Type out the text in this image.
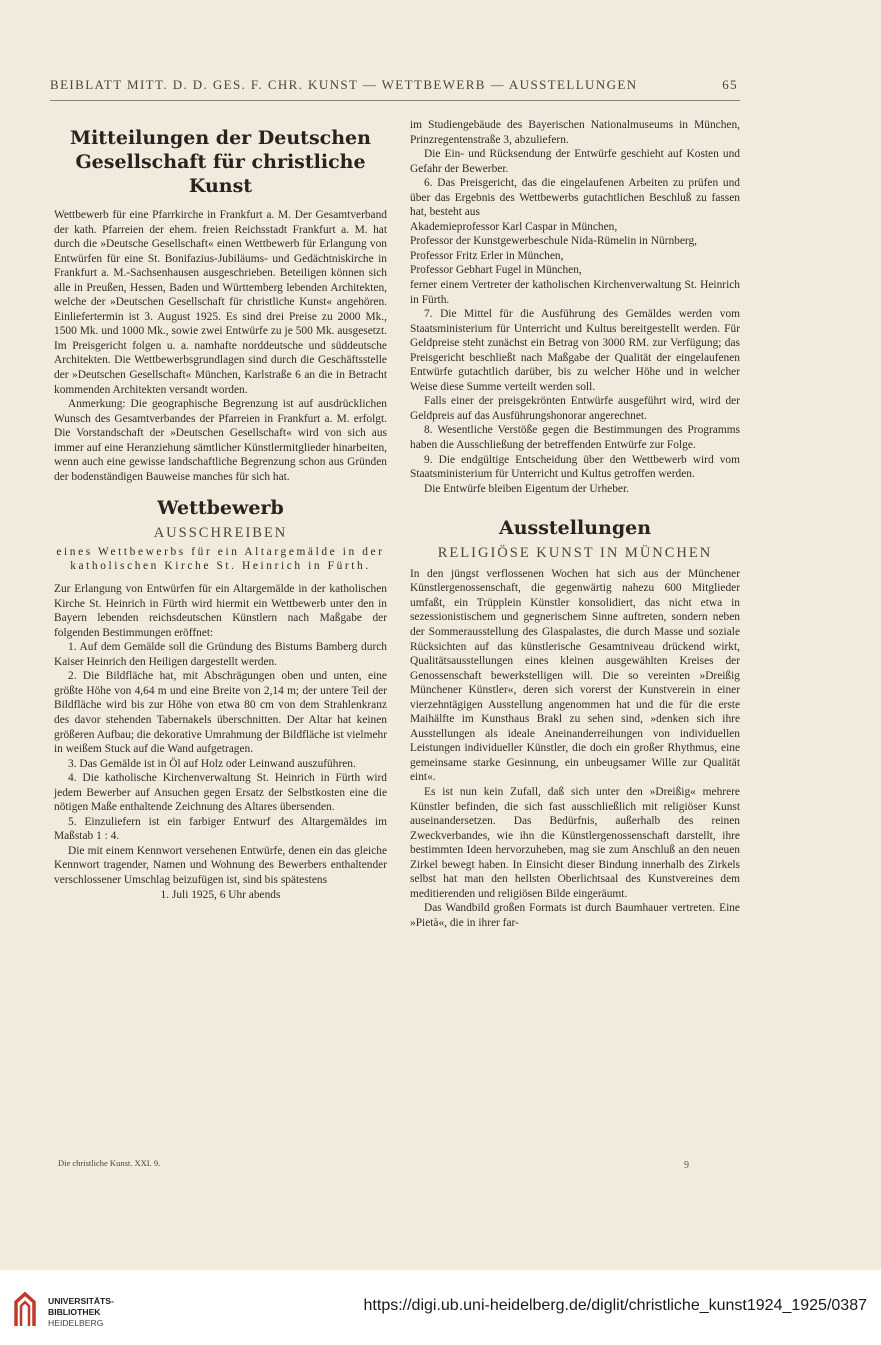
BEIBLATT MITT. D. D. GES. F. CHR. KUNST — WETTBEWERB — AUSSTELLUNGEN	65
Mitteilungen der Deutschen Gesellschaft für christliche Kunst

Wettbewerb für eine Pfarrkirche in Frankfurt a. M. Der Gesamtverband der kath. Pfarreien der ehem. freien Reichsstadt Frankfurt a. M. hat durch die »Deutsche Gesellschaft« einen Wettbewerb für Erlangung von Entwürfen für eine St. Bonifazius-Jubiläums- und Gedächtniskirche in Frankfurt a. M.-Sachsenhausen ausgeschrieben. Beteiligen können sich alle in Preußen, Hessen, Baden und Württemberg lebenden Architekten, welche der »Deutschen Gesellschaft für christliche Kunst« angehören. Einliefertermin ist 3. August 1925. Es sind drei Preise zu 2000 Mk., 1500 Mk. und 1000 Mk., sowie zwei Entwürfe zu je 500 Mk. ausgesetzt. Im Preisgericht folgen u. a. namhafte norddeutsche und süddeutsche Architekten. Die Wettbewerbsgrundlagen sind durch die Geschäftsstelle der »Deutschen Gesellschaft« München, Karlstraße 6 an die in Betracht kommenden Architekten versandt worden.

Anmerkung: Die geographische Begrenzung ist auf ausdrücklichen Wunsch des Gesamtverbandes der Pfarreien in Frankfurt a. M. erfolgt. Die Vorstandschaft der »Deutschen Gesellschaft« wird von sich aus immer auf eine Heranziehung sämtlicher Künstlermitglieder hinarbeiten, wenn auch eine gewisse landschaftliche Begrenzung schon aus Gründen der bodenständigen Bauweise manches für sich hat.

Wettbewerb
AUSSCHREIBEN

eines Wettbewerbs für ein Altargemälde in der katholischen Kirche St. Heinrich in Fürth.

Zur Erlangung von Entwürfen für ein Altargemälde in der katholischen Kirche St. Heinrich in Fürth wird hiermit ein Wettbewerb unter den in Bayern lebenden reichsdeutschen Künstlern nach Maßgabe der folgenden Bestimmungen eröffnet:

1. Auf dem Gemälde soll die Gründung des Bistums Bamberg durch Kaiser Heinrich den Heiligen dargestellt werden.

2. Die Bildfläche hat, mit Abschrägungen oben und unten, eine größte Höhe von 4,64 m und eine Breite von 2,14 m; der untere Teil der Bildfläche wird bis zur Höhe von etwa 80 cm von dem Strahlenkranz des davor stehenden Tabernakels überschnitten. Der Altar hat keinen größeren Aufbau; die dekorative Umrahmung der Bildfläche ist vielmehr in weißem Stuck auf die Wand aufgetragen.

3. Das Gemälde ist in Öl auf Holz oder Leinwand auszuführen.

4. Die katholische Kirchenverwaltung St. Heinrich in Fürth wird jedem Bewerber auf Ansuchen gegen Ersatz der Selbstkosten eine die nötigen Maße enthaltende Zeichnung des Altares übersenden.

5. Einzuliefern ist ein farbiger Entwurf des Altargemäldes im Maßstab 1 : 4.

Die mit einem Kennwort versehenen Entwürfe, denen ein das gleiche Kennwort tragender, Namen und Wohnung des Bewerbers enthaltender verschlossener Umschlag beizufügen ist, sind bis spätestens

1. Juli 1925, 6 Uhr abends

im Studiengebäude des Bayerischen Nationalmuseums in München, Prinzregentenstraße 3, abzuliefern.

Die Ein- und Rücksendung der Entwürfe geschieht auf Kosten und Gefahr der Bewerber.

6. Das Preisgericht, das die eingelaufenen Arbeiten zu prüfen und über das Ergebnis des Wettbewerbs gutachtlichen Beschluß zu fassen hat, besteht aus

Akademieprofessor Karl Caspar in München,

Professor der Kunstgewerbeschule Nida-Rümelin in Nürnberg,

Professor Fritz Erler in München,

Professor Gebhart Fugel in München,

ferner einem Vertreter der katholischen Kirchenverwaltung St. Heinrich in Fürth.

7. Die Mittel für die Ausführung des Gemäldes werden vom Staatsministerium für Unterricht und Kultus bereitgestellt werden. Für Geldpreise steht zunächst ein Betrag von 3000 RM. zur Verfügung; das Preisgericht beschließt nach Maßgabe der Qualität der eingelaufenen Entwürfe gutachtlich darüber, bis zu welcher Höhe und in welcher Weise diese Summe verteilt werden soll.

Falls einer der preisgekrönten Entwürfe ausgeführt wird, wird der Geldpreis auf das Ausführungshonorar angerechnet.

8. Wesentliche Verstöße gegen die Bestimmungen des Programms haben die Ausschließung der betreffenden Entwürfe zur Folge.

9. Die endgültige Entscheidung über den Wettbewerb wird vom Staatsministerium für Unterricht und Kultus getroffen werden.

Die Entwürfe bleiben Eigentum der Urheber.

Ausstellungen
RELIGIÖSE KUNST IN MÜNCHEN

In den jüngst verflossenen Wochen hat sich aus der Münchener Künstlergenossenschaft, die gegenwärtig nahezu 600 Mitglieder umfaßt, ein Trüpplein Künstler konsolidiert, das nicht etwa in sezessionistischem und gegnerischem Sinne auftreten, sondern neben der Sommerausstellung des Glaspalastes, die durch Masse und soziale Rücksichten auf das künstlerische Gesamtniveau drückend wirkt, Qualitätsausstellungen eines kleinen ausgewählten Kreises der Genossenschaft bewerkstelligen will. Die so vereinten »Dreißig Münchener Künstler«, deren sich vorerst der Kunstverein in einer vierzehntägigen Ausstellung angenommen hat und die für die erste Maihälfte im Kunsthaus Brakl zu sehen sind, »denken sich ihre Ausstellungen als ideale Aneinanderreihungen von individuellen Leistungen individueller Künstler, die doch ein großer Rhythmus, eine gemeinsame starke Gesinnung, ein unbeugsamer Wille zur Qualität eint«.

Es ist nun kein Zufall, daß sich unter den »Dreißig« mehrere Künstler befinden, die sich fast ausschließlich mit religiöser Kunst auseinandersetzen. Das Bedürfnis, außerhalb des reinen Zweckverbandes, wie ihn die Künstlergenossenschaft darstellt, ihre bestimmten Ideen hervorzuheben, mag sie zum Anschluß an den neuen Zirkel bewegt haben. In Einsicht dieser Bindung innerhalb des Zirkels selbst hat man den hellsten Oberlichtsaal des Kunstvereines dem meditierenden und religiösen Bilde eingeräumt.

Das Wandbild großen Formats ist durch Baumhauer vertreten. Eine »Pietà«, die in ihrer far-

Die christliche Kunst. XXI. 9.	9
UNIVERSITÄTS-
BIBLIOTHEK
HEIDELBERG
https://digi.ub.uni-heidelberg.de/diglit/christliche_kunst1924_1925/0387
